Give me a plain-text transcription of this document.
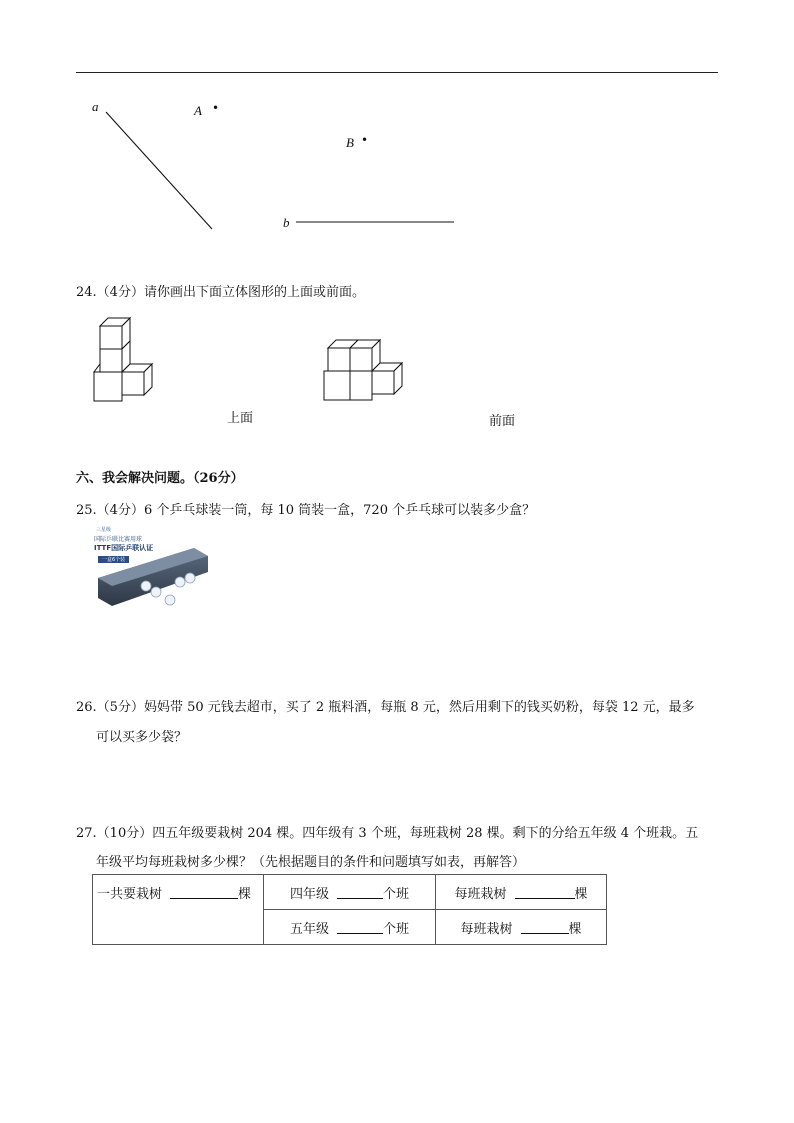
a	A •
B •
b
24.（4分）请你画出下面立体图形的上面或前面。
上面	前面
六、我会解决问题。（26分）
25.（4分）6 个乒乓球装一筒，每 10 筒装一盒，720 个乒乓球可以装多少盒？
三星级
国际乒联比赛用球
ITTF国际乒联认证
一盒6个装
26.（5分）妈妈带 50 元钱去超市，买了 2 瓶料酒，每瓶 8 元，然后用剩下的钱买奶粉，每袋 12 元，最多
可以买多少袋？
27.（10分）四五年级要栽树 204 棵。四年级有 3 个班，每班栽树 28 棵。剩下的分给五年级 4 个班栽。五
年级平均每班栽树多少棵？（先根据题目的条件和问题填写如表，再解答）
一共要栽树 棵	四年级 个班	每班栽树 棵

	五年级 个班	每班栽树 棵
